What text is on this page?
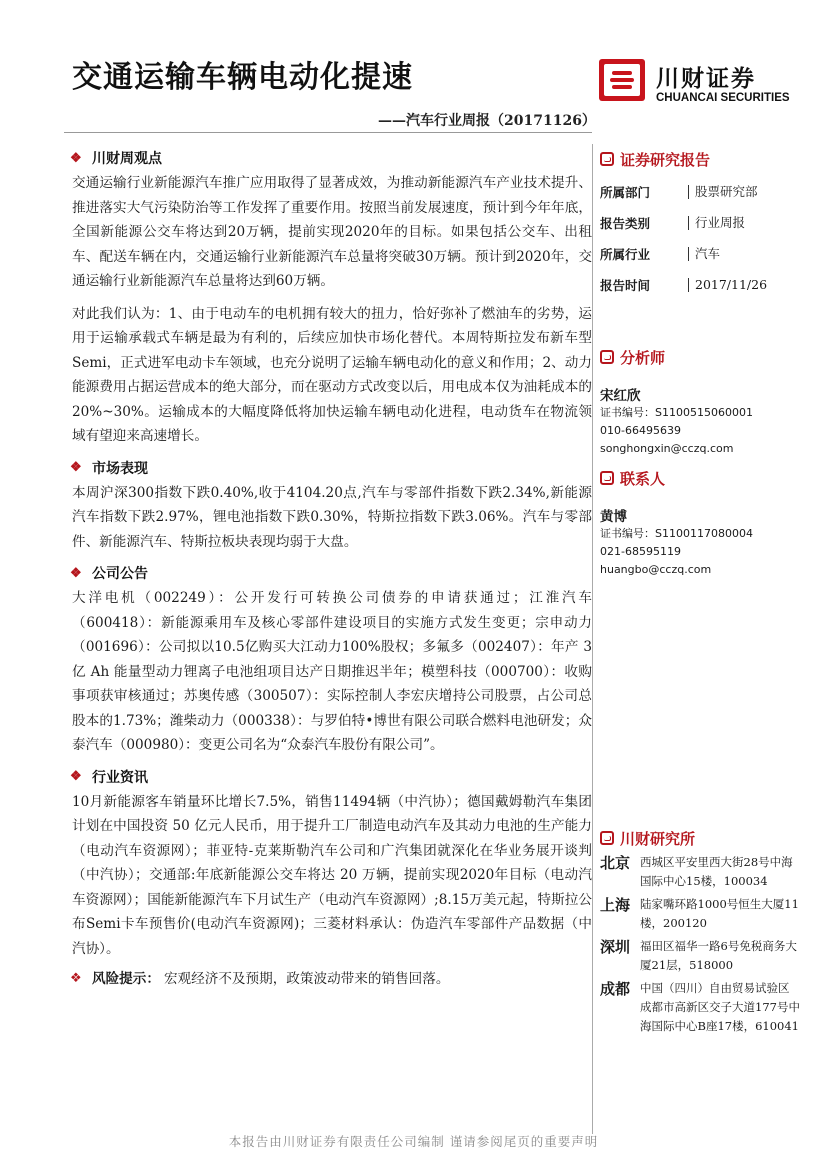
交通运输车辆电动化提速
——汽车行业周报（20171126）
川财证券
CHUANCAI SECURITIES
❖ 川财周观点

交通运输行业新能源汽车推广应用取得了显著成效，为推动新能源汽车产业技术提升、推进落实大气污染防治等工作发挥了重要作用。按照当前发展速度，预计到今年年底，全国新能源公交车将达到20万辆，提前实现2020年的目标。如果包括公交车、出租车、配送车辆在内，交通运输行业新能源汽车总量将突破30万辆。预计到2020年，交通运输行业新能源汽车总量将达到60万辆。

对此我们认为：1、由于电动车的电机拥有较大的扭力，恰好弥补了燃油车的劣势，运用于运输承载式车辆是最为有利的，后续应加快市场化替代。本周特斯拉发布新车型Semi，正式进军电动卡车领域，也充分说明了运输车辆电动化的意义和作用；2、动力能源费用占据运营成本的绝大部分，而在驱动方式改变以后，用电成本仅为油耗成本的 20%~30%。运输成本的大幅度降低将加快运输车辆电动化进程，电动货车在物流领域有望迎来高速增长。

❖ 市场表现

本周沪深300指数下跌0.40%,收于4104.20点,汽车与零部件指数下跌2.34%,新能源汽车指数下跌2.97%，锂电池指数下跌0.30%，特斯拉指数下跌3.06%。汽车与零部件、新能源汽车、特斯拉板块表现均弱于大盘。

❖ 公司公告

大洋电机（002249）：公开发行可转换公司债券的申请获通过；江淮汽车（600418）：新能源乘用车及核心零部件建设项目的实施方式发生变更；宗申动力（001696）：公司拟以10.5亿购买大江动力100%股权；多氟多（002407）：年产 3 亿 Ah 能量型动力锂离子电池组项目达产日期推迟半年；模塑科技（000700）：收购事项获审核通过；苏奥传感（300507）：实际控制人李宏庆增持公司股票，占公司总股本的1.73%；潍柴动力（000338）：与罗伯特•博世有限公司联合燃料电池研发；众泰汽车（000980）：变更公司名为“众泰汽车股份有限公司”。

❖ 行业资讯

10月新能源客车销量环比增长7.5%，销售11494辆（中汽协）；德国戴姆勒汽车集团计划在中国投资 50 亿元人民币，用于提升工厂制造电动汽车及其动力电池的生产能力（电动汽车资源网）；菲亚特-克莱斯勒汽车公司和广汽集团就深化在华业务展开谈判（中汽协）；交通部:年底新能源公交车将达 20 万辆，提前实现2020年目标（电动汽车资源网）；国能新能源汽车下月试生产（电动汽车资源网）;8.15万美元起，特斯拉公布Semi卡车预售价(电动汽车资源网)；三菱材料承认：伪造汽车零部件产品数据（中汽协）。

❖ 风险提示： 宏观经济不及预期，政策波动带来的销售回落。
证券研究报告
所属部门	股票研究部
报告类别	行业周报
所属行业	汽车
报告时间	2017/11/26
分析师
宋红欣
证书编号：S1100515060001
010-66495639
songhongxin@cczq.com
联系人
黄博
证书编号：S1100117080004
021-68595119
huangbo@cczq.com
川财研究所
北京 西城区平安里西大街28号中海国际中心15楼，100034
上海 陆家嘴环路1000号恒生大厦11楼，200120
深圳 福田区福华一路6号免税商务大厦21层，518000
成都 中国（四川）自由贸易试验区成都市高新区交子大道177号中海国际中心B座17楼，610041
本报告由川财证券有限责任公司编制 谨请参阅尾页的重要声明
